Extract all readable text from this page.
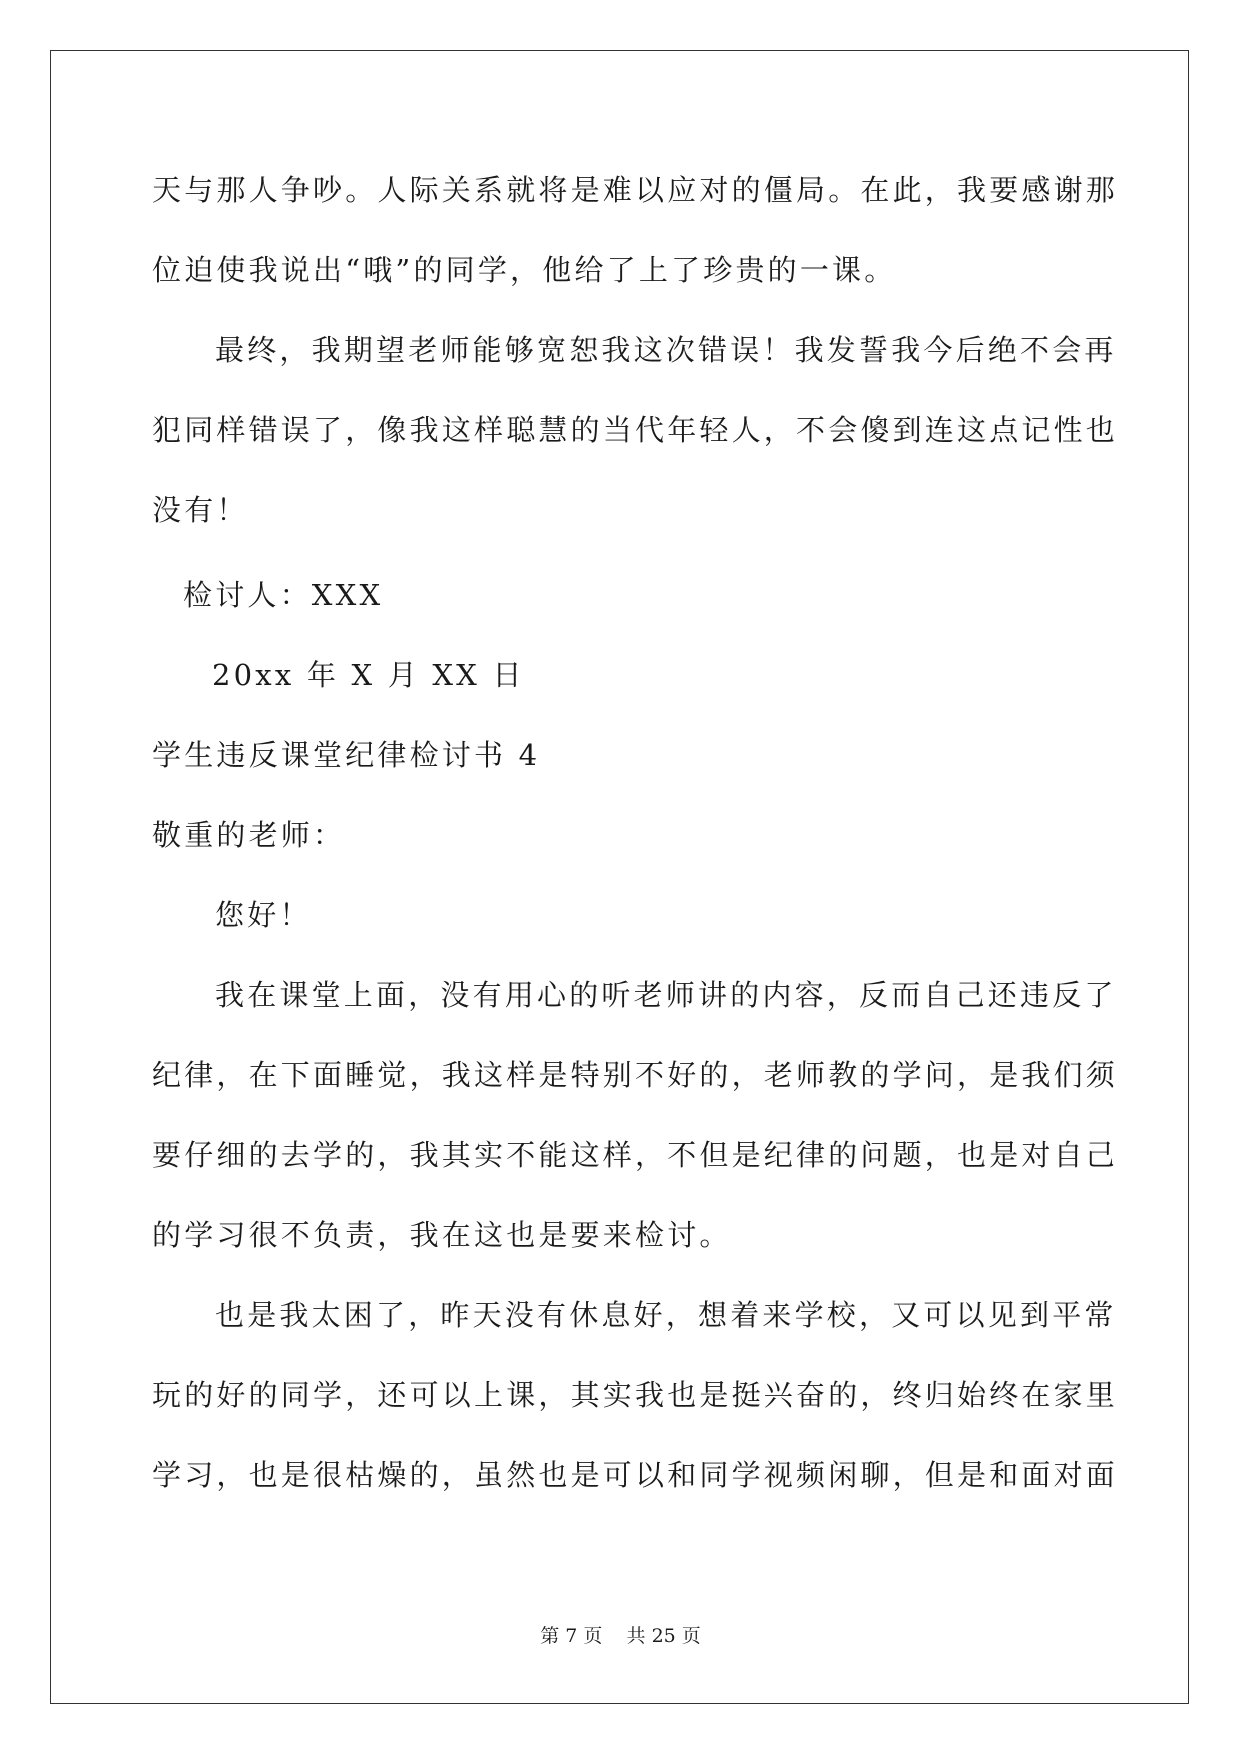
天与那人争吵。人际关系就将是难以应对的僵局。在此，我要感谢那
位迫使我说出“哦”的同学，他给了上了珍贵的一课。
最终，我期望老师能够宽恕我这次错误！我发誓我今后绝不会再
犯同样错误了，像我这样聪慧的当代年轻人，不会傻到连这点记性也
没有！
检讨人：XXX
20xx 年 X 月 XX 日
学生违反课堂纪律检讨书 4
敬重的老师：
您好！
我在课堂上面，没有用心的听老师讲的内容，反而自己还违反了
纪律，在下面睡觉，我这样是特别不好的，老师教的学问，是我们须
要仔细的去学的，我其实不能这样，不但是纪律的问题，也是对自己
的学习很不负责，我在这也是要来检讨。
也是我太困了，昨天没有休息好，想着来学校，又可以见到平常
玩的好的同学，还可以上课，其实我也是挺兴奋的，终归始终在家里
学习，也是很枯燥的，虽然也是可以和同学视频闲聊，但是和面对面
第 7 页    共 25 页
